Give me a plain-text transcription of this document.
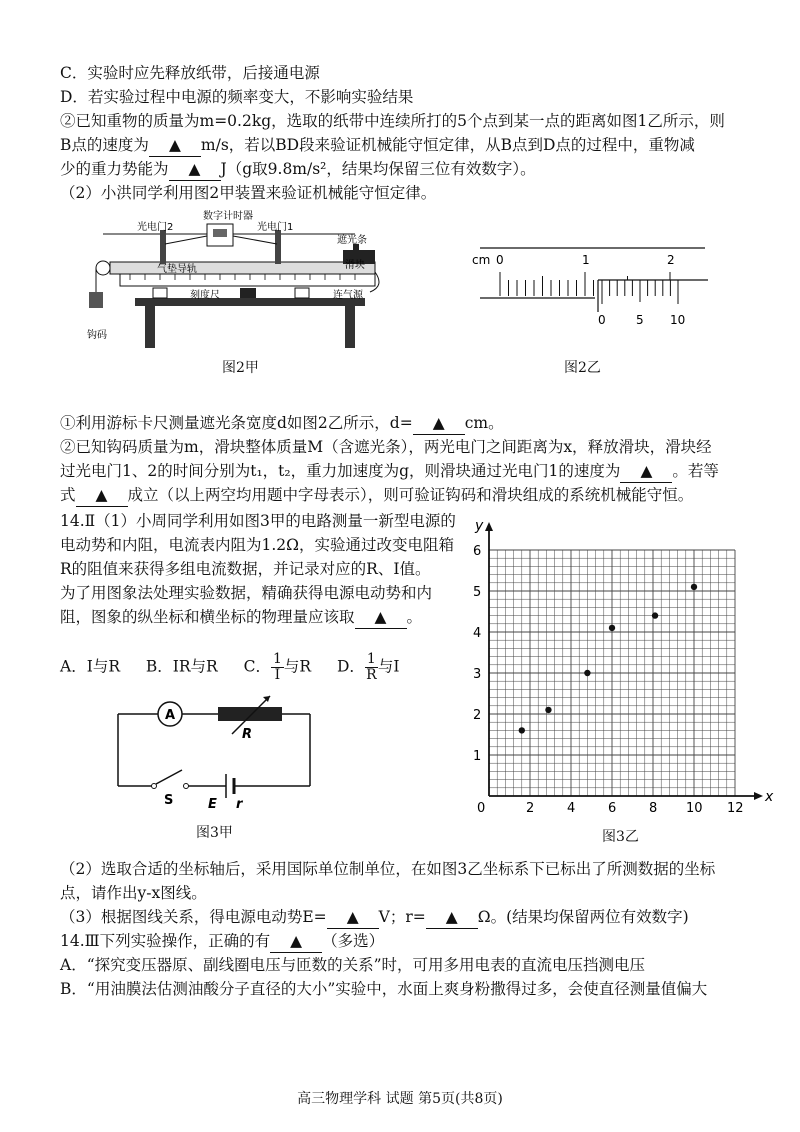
C．实验时应先释放纸带，后接通电源
D．若实验过程中电源的频率变大，不影响实验结果
②已知重物的质量为m=0.2kg，选取的纸带中连续所打的5个点到某一点的距离如图1乙所示，则
B点的速度为 ▲ m/s，若以BD段来验证机械能守恒定律，从B点到D点的过程中，重物减
少的重力势能为 ▲ J（g取9.8m/s²，结果均保留三位有效数字）。
（2）小洪同学利用图2甲装置来验证机械能守恒定律。
数字计时器
光电门2	光电门1
遮光条
滑块
气垫导轨
刻度尺	连气源
钩码
图2甲
cm 0	1	2
0	5 10
图2乙
①利用游标卡尺测量遮光条宽度d如图2乙所示，d= ▲ cm。
②已知钩码质量为m，滑块整体质量M（含遮光条），两光电门之间距离为x，释放滑块，滑块经
过光电门1、2的时间分别为t₁，t₂，重力加速度为g，则滑块通过光电门1的速度为 ▲ 。若等
式 ▲ 成立（以上两空均用题中字母表示），则可验证钩码和滑块组成的系统机械能守恒。
14.Ⅱ（1）小周同学利用如图3甲的电路测量一新型电源的
电动势和内阻，电流表内阻为1.2Ω，实验通过改变电阻箱
R的阻值来获得多组电流数据，并记录对应的R、I值。
为了用图象法处理实验数据，精确获得电源电动势和内
阻，图象的纵坐标和横坐标的物理量应该取 ▲ 。
A．I与R B．IR与R C． $\frac{1}{I}$ 与R D． $\frac{1}{R}$ 与I
A
R
S	E r
图3甲
x
y
0	2	4	6	8 10 12
1
2
3
4
5
6
图3乙
（2）选取合适的坐标轴后，采用国际单位制单位，在如图3乙坐标系下已标出了所测数据的坐标
点，请作出y-x图线。
（3）根据图线关系，得电源电动势E= ▲ V；r= ▲ Ω。(结果均保留两位有效数字)
14.Ⅲ下列实验操作，正确的有 ▲ （多选）
A．“探究变压器原、副线圈电压与匝数的关系”时，可用多用电表的直流电压挡测电压
B．“用油膜法估测油酸分子直径的大小”实验中，水面上爽身粉撒得过多，会使直径测量值偏大
高三物理学科 试题 第5页(共8页)
